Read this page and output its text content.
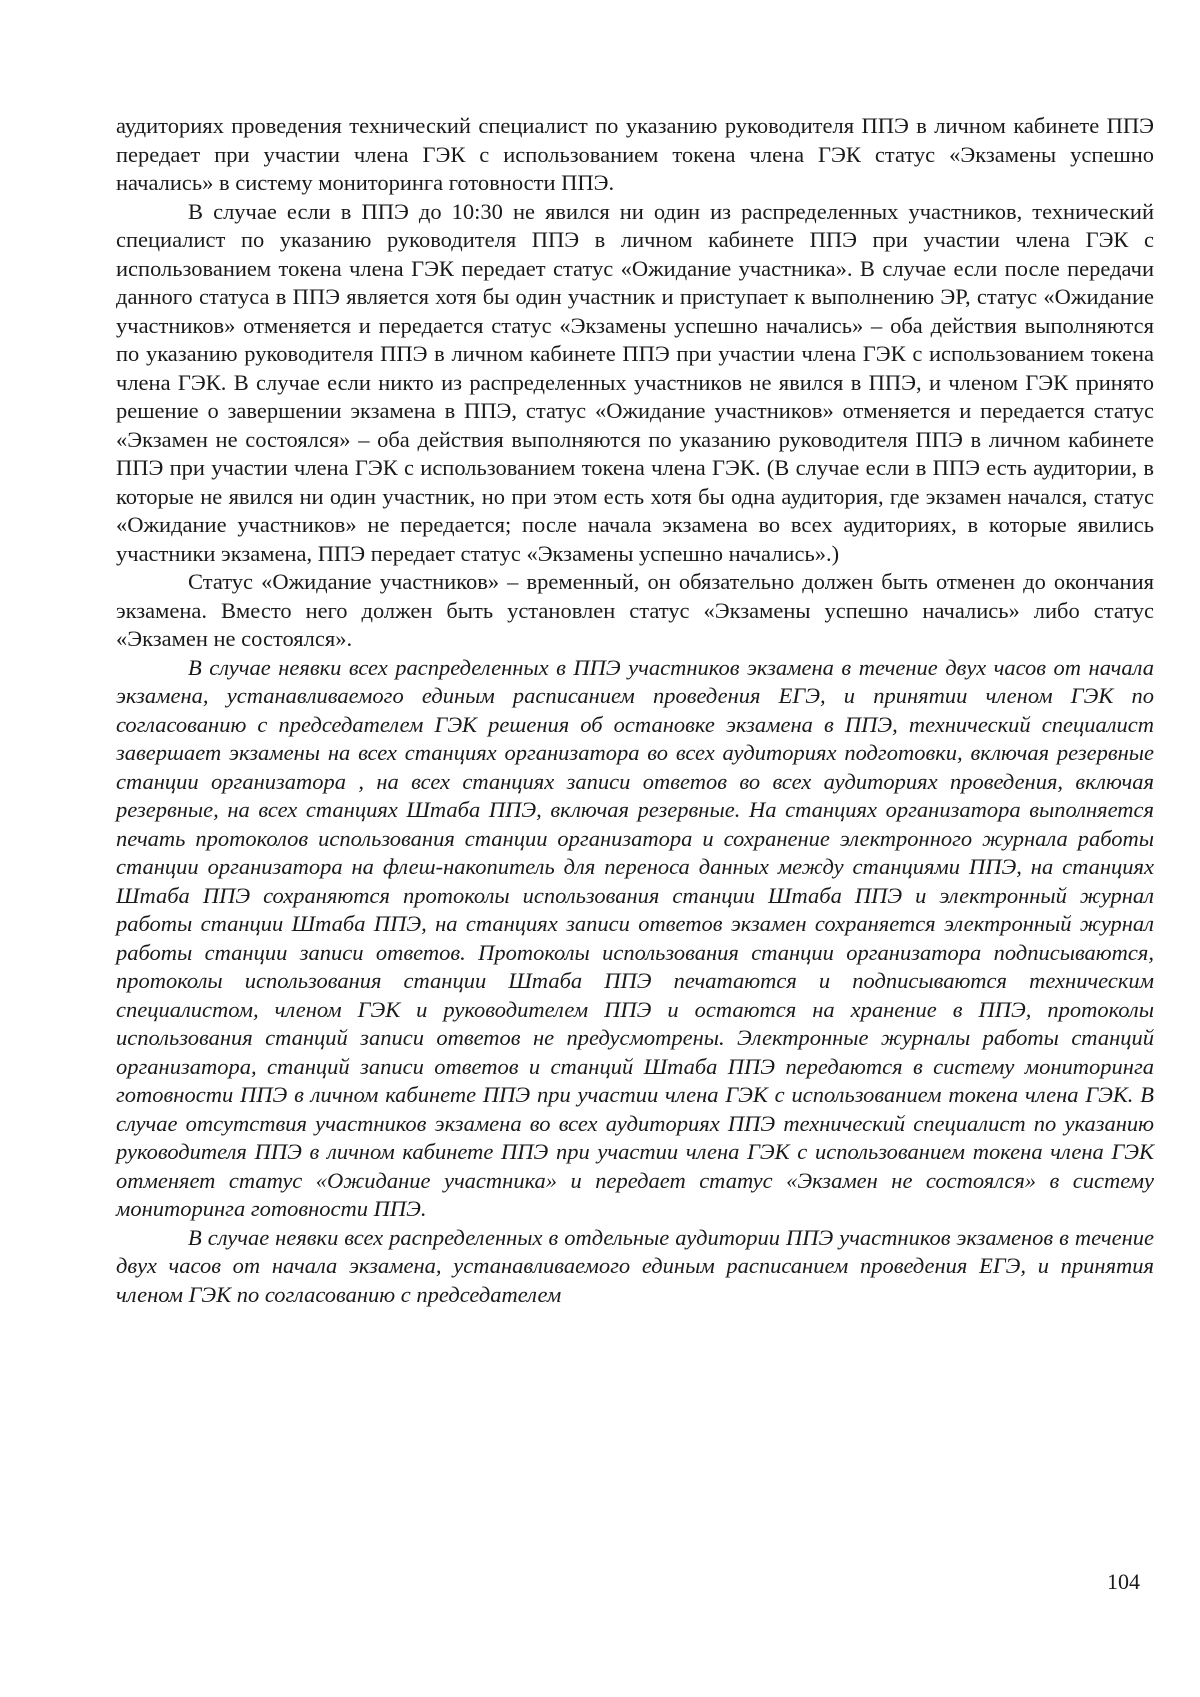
аудиториях проведения технический специалист по указанию руководителя ППЭ в личном кабинете ППЭ передает при участии члена ГЭК с использованием токена члена ГЭК статус «Экзамены успешно начались» в систему мониторинга готовности ППЭ.

В случае если в ППЭ до 10:30 не явился ни один из распределенных участников, технический специалист по указанию руководителя ППЭ в личном кабинете ППЭ при участии члена ГЭК с использованием токена члена ГЭК передает статус «Ожидание участника». В случае если после передачи данного статуса в ППЭ является хотя бы один участник и приступает к выполнению ЭР, статус «Ожидание участников» отменяется и передается статус «Экзамены успешно начались» – оба действия выполняются по указанию руководителя ППЭ в личном кабинете ППЭ при участии члена ГЭК с использованием токена члена ГЭК. В случае если никто из распределенных участников не явился в ППЭ, и членом ГЭК принято решение о завершении экзамена в ППЭ, статус «Ожидание участников» отменяется и передается статус «Экзамен не состоялся» – оба действия выполняются по указанию руководителя ППЭ в личном кабинете ППЭ при участии члена ГЭК с использованием токена члена ГЭК. (В случае если в ППЭ есть аудитории, в которые не явился ни один участник, но при этом есть хотя бы одна аудитория, где экзамен начался, статус «Ожидание участников» не передается; после начала экзамена во всех аудиториях, в которые явились участники экзамена, ППЭ передает статус «Экзамены успешно начались».)

Статус «Ожидание участников» – временный, он обязательно должен быть отменен до окончания экзамена. Вместо него должен быть установлен статус «Экзамены успешно начались» либо статус «Экзамен не состоялся».

В случае неявки всех распределенных в ППЭ участников экзамена в течение двух часов от начала экзамена, устанавливаемого единым расписанием проведения ЕГЭ, и принятии членом ГЭК по согласованию с председателем ГЭК решения об остановке экзамена в ППЭ, технический специалист завершает экзамены на всех станциях организатора во всех аудиториях подготовки, включая резервные станции организатора , на всех станциях записи ответов во всех аудиториях проведения, включая резервные, на всех станциях Штаба ППЭ, включая резервные. На станциях организатора выполняется печать протоколов использования станции организатора и сохранение электронного журнала работы станции организатора на флеш-накопитель для переноса данных между станциями ППЭ, на станциях Штаба ППЭ сохраняются протоколы использования станции Штаба ППЭ и электронный журнал работы станции Штаба ППЭ, на станциях записи ответов экзамен сохраняется электронный журнал работы станции записи ответов. Протоколы использования станции организатора подписываются, протоколы использования станции Штаба ППЭ печатаются и подписываются техническим специалистом, членом ГЭК и руководителем ППЭ и остаются на хранение в ППЭ, протоколы использования станций записи ответов не предусмотрены. Электронные журналы работы станций организатора, станций записи ответов и станций Штаба ППЭ передаются в систему мониторинга готовности ППЭ в личном кабинете ППЭ при участии члена ГЭК с использованием токена члена ГЭК. В случае отсутствия участников экзамена во всех аудиториях ППЭ технический специалист по указанию руководителя ППЭ в личном кабинете ППЭ при участии члена ГЭК с использованием токена члена ГЭК отменяет статус «Ожидание участника» и передает статус «Экзамен не состоялся» в систему мониторинга готовности ППЭ.

В случае неявки всех распределенных в отдельные аудитории ППЭ участников экзаменов в течение двух часов от начала экзамена, устанавливаемого единым расписанием проведения ЕГЭ, и принятия членом ГЭК по согласованию с председателем

104
